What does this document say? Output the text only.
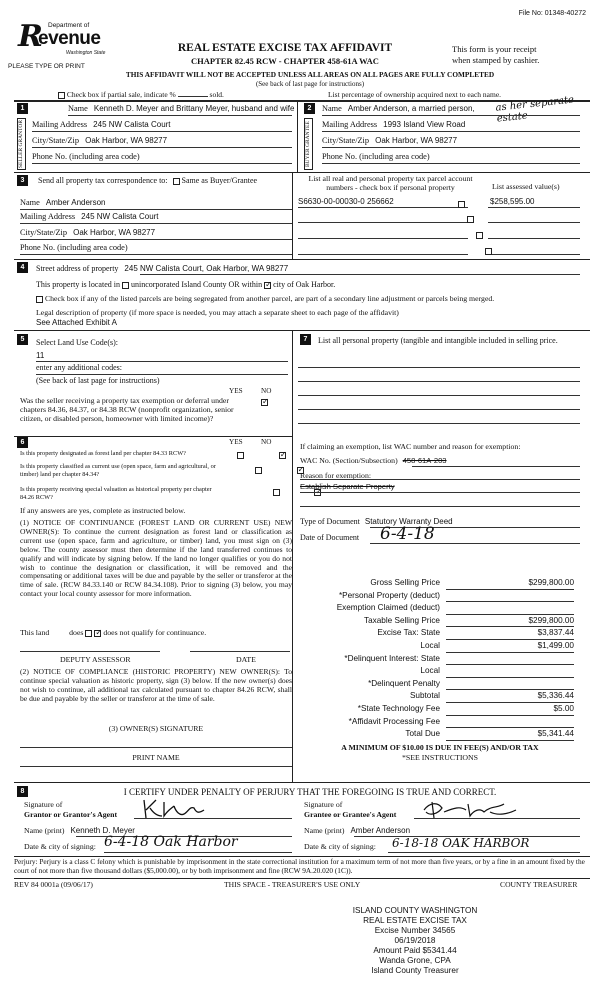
File No: 01348-40272
Department of
R
evenue
Washington State
PLEASE TYPE OR PRINT
REAL ESTATE EXCISE TAX AFFIDAVIT
CHAPTER 82.45 RCW - CHAPTER 458-61A WAC
This form is your receipt
when stamped by cashier.
THIS AFFIDAVIT WILL NOT BE ACCEPTED UNLESS ALL AREAS ON ALL PAGES ARE FULLY COMPLETED
(See back of last page for instructions)
Check box if partial sale, indicate %	sold.	List percentage of ownership acquired next to each name.
1
SELLER GRANTOR
Name Kenneth D. Meyer and Brittany Meyer, husband and wife
Mailing Address 245 NW Calista Court
City/State/Zip Oak Harbor, WA 98277
Phone No. (including area code)
2
BUYER GRANTEE
Name Amber Anderson, a married person, as her separate estate
Mailing Address 1993 Island View Road
City/State/Zip Oak Harbor, WA 98277
Phone No. (including area code)
3	Send all property tax correspondence to: Same as Buyer/Grantee
Name Amber Anderson
Mailing Address 245 NW Calista Court
City/State/Zip Oak Harbor, WA 98277
Phone No. (including area code)
List all real and personal property tax parcel account numbers - check box if personal property	List assessed value(s)
S6630-00-00030-0 256662	$258,595.00

4	Street address of property 245 NW Calista Court, Oak Harbor, WA 98277
This property is located in unincorporated Island County OR within ✓ city of Oak Harbor.
Check box if any of the listed parcels are being segregated from another parcel, are part of a secondary line adjustment or parcels being merged.
Legal description of property (if more space is needed, you may attach a separate sheet to each page of the affidavit)
See Attached Exhibit A
5	Select Land Use Code(s):
11
enter any additional codes:
(See back of last page for instructions)
YES	NO
Was the seller receiving a property tax exemption or deferral under chapters 84.36, 84.37, or 84.38 RCW (nonprofit organization, senior citizen, or disabled person, homeowner with limited income)?
✓
6	YES	NO
Is this property designated as forest land per chapter 84.33 RCW?
✓
Is this property classified as current use (open space, farm and agricultural, or timber) land per chapter 84.34?
✓
Is this property receiving special valuation as historical property per chapter 84.26 RCW?
✓
If any answers are yes, complete as instructed below.
(1) NOTICE OF CONTINUANCE (FOREST LAND OR CURRENT USE) NEW OWNER(S): To continue the current designation as forest land or classification as current use (open space, farm and agriculture, or timber) land, you must sign on (3) below. The county assessor must then determine if the land transferred continues to qualify and will indicate by signing below. If the land no longer qualifies or you do not wish to continue the designation or classification, it will be removed and the compensating or additional taxes will be due and payable by the seller or transferor at the time of sale. (RCW 84.33.140 or RCW 84.34.108). Prior to signing (3) below, you may contact your local county assessor for more information.
This land	does ✓	does not qualify for continuance.
DEPUTY ASSESSOR	DATE
(2) NOTICE OF COMPLIANCE (HISTORIC PROPERTY) NEW OWNER(S): To continue special valuation as historic property, sign (3) below. If the new owner(s) does not wish to continue, all additional tax calculated pursuant to chapter 84.26 RCW, shall be due and payable by the seller or transferor at the time of sale.
(3) OWNER(S) SIGNATURE
PRINT NAME
7	List all personal property (tangible and intangible included in selling price.
If claiming an exemption, list WAC number and reason for exemption:
WAC No. (Section/Subsection) 458-61A-203
Reason for exemption:
Establish Separate Property
Type of Document Statutory Warranty Deed
Date of Document 6-4-18
Gross Selling Price	$299,800.00
*Personal Property (deduct)
Exemption Claimed (deduct)
Taxable Selling Price	$299,800.00
Excise Tax: State	$3,837.44
Local	$1,499.00
*Delinquent Interest: State
Local
*Delinquent Penalty
Subtotal	$5,336.44
*State Technology Fee	$5.00
*Affidavit Processing Fee
Total Due	$5,341.44
A MINIMUM OF $10.00 IS DUE IN FEE(S) AND/OR TAX
*SEE INSTRUCTIONS
8	I CERTIFY UNDER PENALTY OF PERJURY THAT THE FOREGOING IS TRUE AND CORRECT.
Signature of
Grantor or Grantor's Agent
Name (print) Kenneth D. Meyer
Date & city of signing: 6-4-18 Oak Harbor
Signature of
Grantee or Grantee's Agent
Name (print) Amber Anderson
Date & city of signing: 6-18-18 OAK HARBOR
Perjury: Perjury is a class C felony which is punishable by imprisonment in the state correctional institution for a maximum term of not more than five years, or by a fine in an amount fixed by the court of not more than five thousand dollars ($5,000.00), or by both imprisonment and fine (RCW 9A.20.020 (1C)).
REV 84 0001a (09/06/17)	THIS SPACE - TREASURER'S USE ONLY	COUNTY TREASURER
ISLAND COUNTY WASHINGTON
REAL ESTATE EXCISE TAX
Excise Number 34565
06/19/2018
Amount Paid $5341.44
Wanda Grone, CPA
Island County Treasurer
